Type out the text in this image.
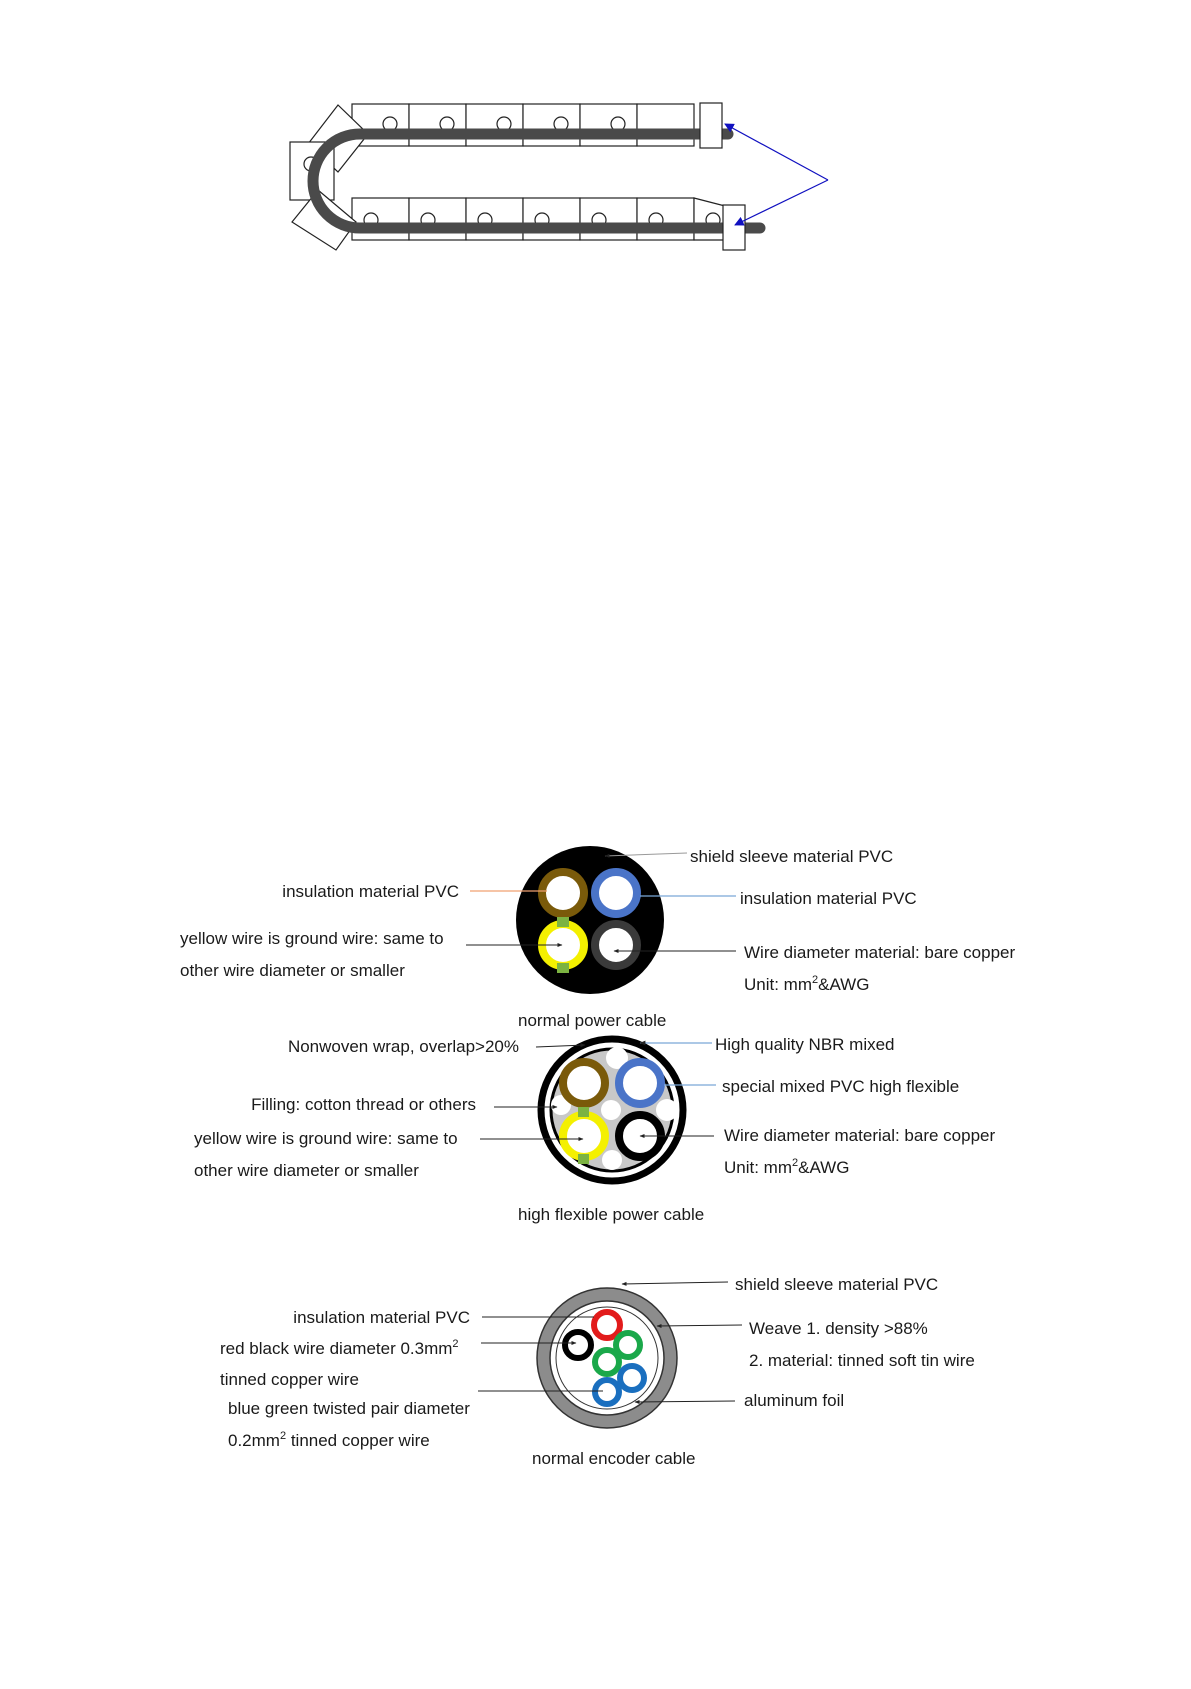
shield sleeve material PVC
insulation material PVC	insulation material PVC
yellow wire is ground wire: same to
other wire diameter or smaller
Wire diameter material: bare copper
Unit: $mm^2\&AWG$
normal power cable
Nonwoven wrap, overlap>20%	High quality NBR mixed
special mixed PVC high flexible
Filling: cotton thread or others
yellow wire is ground wire: same to
other wire diameter or smaller
Wire diameter material: bare copper
Unit: $mm^2\&AWG$
high flexible power cable
shield sleeve material PVC
insulation material PVC
red black wire diameter $0.3mm^2$
tinned copper wire
blue green twisted pair diameter
$0.2mm^2$ tinned copper wire
Weave 1. density >88%
2. material: tinned soft tin wire
aluminum foil
normal encoder cable
